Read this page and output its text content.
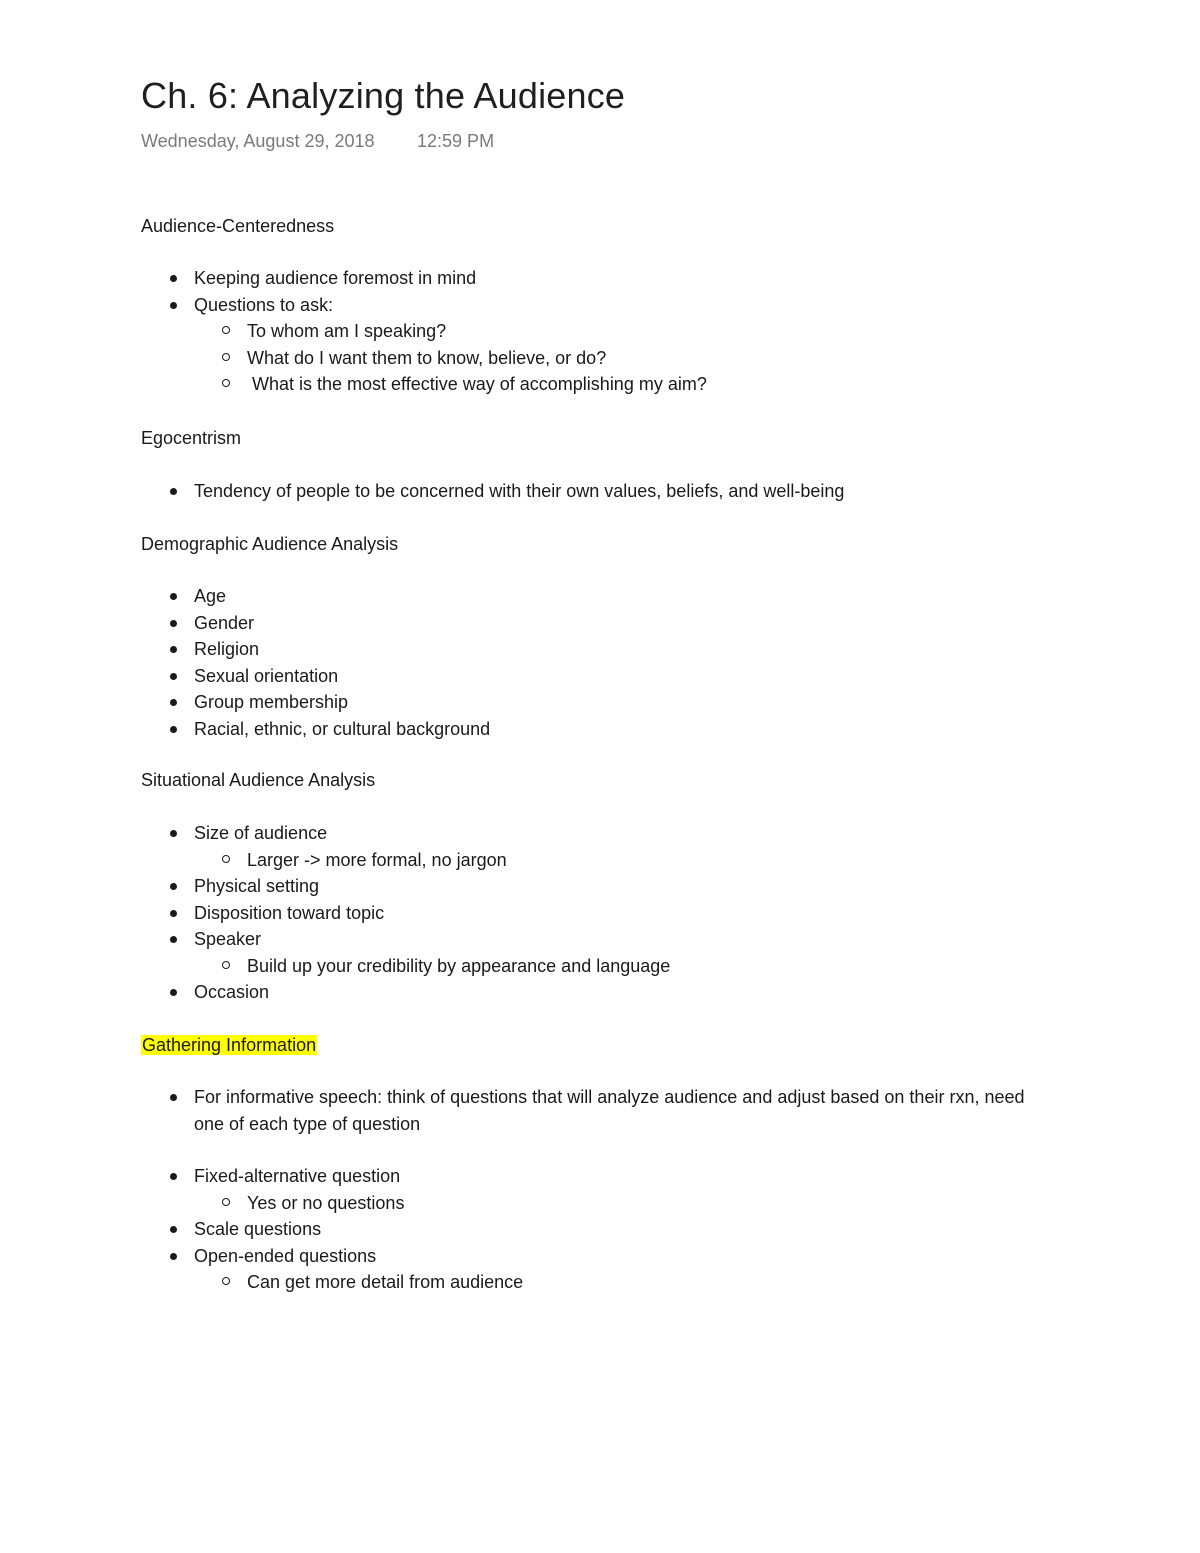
Ch. 6: Analyzing the Audience
Wednesday, August 29, 2018 12:59 PM

Audience-Centeredness

Keeping audience foremost in mind
Questions to ask:
To whom am I speaking?
What do I want them to know, believe, or do?
What is the most effective way of accomplishing my aim?

Egocentrism

Tendency of people to be concerned with their own values, beliefs, and well-being

Demographic Audience Analysis

Age
Gender
Religion
Sexual orientation
Group membership
Racial, ethnic, or cultural background

Situational Audience Analysis

Size of audience
Larger -> more formal, no jargon
Physical setting
Disposition toward topic
Speaker
Build up your credibility by appearance and language
Occasion

Gathering Information

For informative speech: think of questions that will analyze audience and adjust based on their rxn, need one of each type of question
Fixed-alternative question
Yes or no questions
Scale questions
Open-ended questions
Can get more detail from audience
